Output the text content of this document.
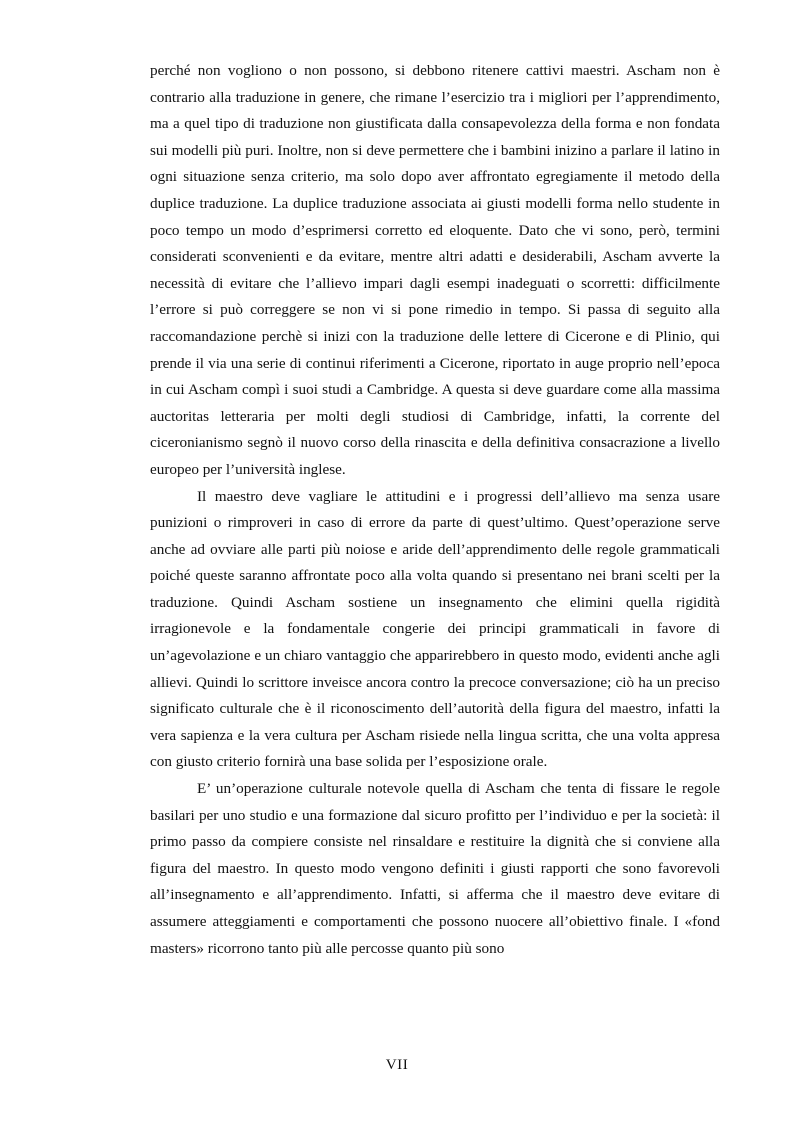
perché non vogliono o non possono, si debbono ritenere cattivi maestri. Ascham non è contrario alla traduzione in genere, che rimane l’esercizio tra i migliori per l’apprendimento, ma a quel tipo di traduzione non giustificata dalla consapevolezza della forma e non fondata sui modelli più puri. Inoltre, non si deve permettere che i bambini inizino a parlare il latino in ogni situazione senza criterio, ma solo dopo aver affrontato egregiamente il metodo della duplice traduzione. La duplice traduzione associata ai giusti modelli forma nello studente in poco tempo un modo d’esprimersi corretto ed eloquente. Dato che vi sono, però, termini considerati sconvenienti e da evitare, mentre altri adatti e desiderabili, Ascham avverte la necessità di evitare che l’allievo impari dagli esempi inadeguati o scorretti: difficilmente l’errore si può correggere se non vi si pone rimedio in tempo. Si passa di seguito alla raccomandazione perchè si inizi con la traduzione delle lettere di Cicerone e di Plinio, qui prende il via una serie di continui riferimenti a Cicerone, riportato in auge proprio nell’epoca in cui Ascham compì i suoi studi a Cambridge. A questa si deve guardare come alla massima auctoritas letteraria per molti degli studiosi di Cambridge, infatti, la corrente del ciceronianismo segnò il nuovo corso della rinascita e della definitiva consacrazione a livello europeo per l’università inglese.

Il maestro deve vagliare le attitudini e i progressi dell’allievo ma senza usare punizioni o rimproveri in caso di errore da parte di quest’ultimo. Quest’operazione serve anche ad ovviare alle parti più noiose e aride dell’apprendimento delle regole grammaticali poiché queste saranno affrontate poco alla volta quando si presentano nei brani scelti per la traduzione. Quindi Ascham sostiene un insegnamento che elimini quella rigidità irragionevole e la fondamentale congerie dei principi grammaticali in favore di un’agevolazione e un chiaro vantaggio che apparirebbero in questo modo, evidenti anche agli allievi. Quindi lo scrittore inveisce ancora contro la precoce conversazione; ciò ha un preciso significato culturale che è il riconoscimento dell’autorità della figura del maestro, infatti la vera sapienza e la vera cultura per Ascham risiede nella lingua scritta, che una volta appresa con giusto criterio fornirà una base solida per l’esposizione orale.

E’ un’operazione culturale notevole quella di Ascham che tenta di fissare le regole basilari per uno studio e una formazione dal sicuro profitto per l’individuo e per la società: il primo passo da compiere consiste nel rinsaldare e restituire la dignità che si conviene alla figura del maestro. In questo modo vengono definiti i giusti rapporti che sono favorevoli all’insegnamento e all’apprendimento. Infatti, si afferma che il maestro deve evitare di assumere atteggiamenti e comportamenti che possono nuocere all’obiettivo finale. I «fond masters» ricorrono tanto più alle percosse quanto più sono

VII
